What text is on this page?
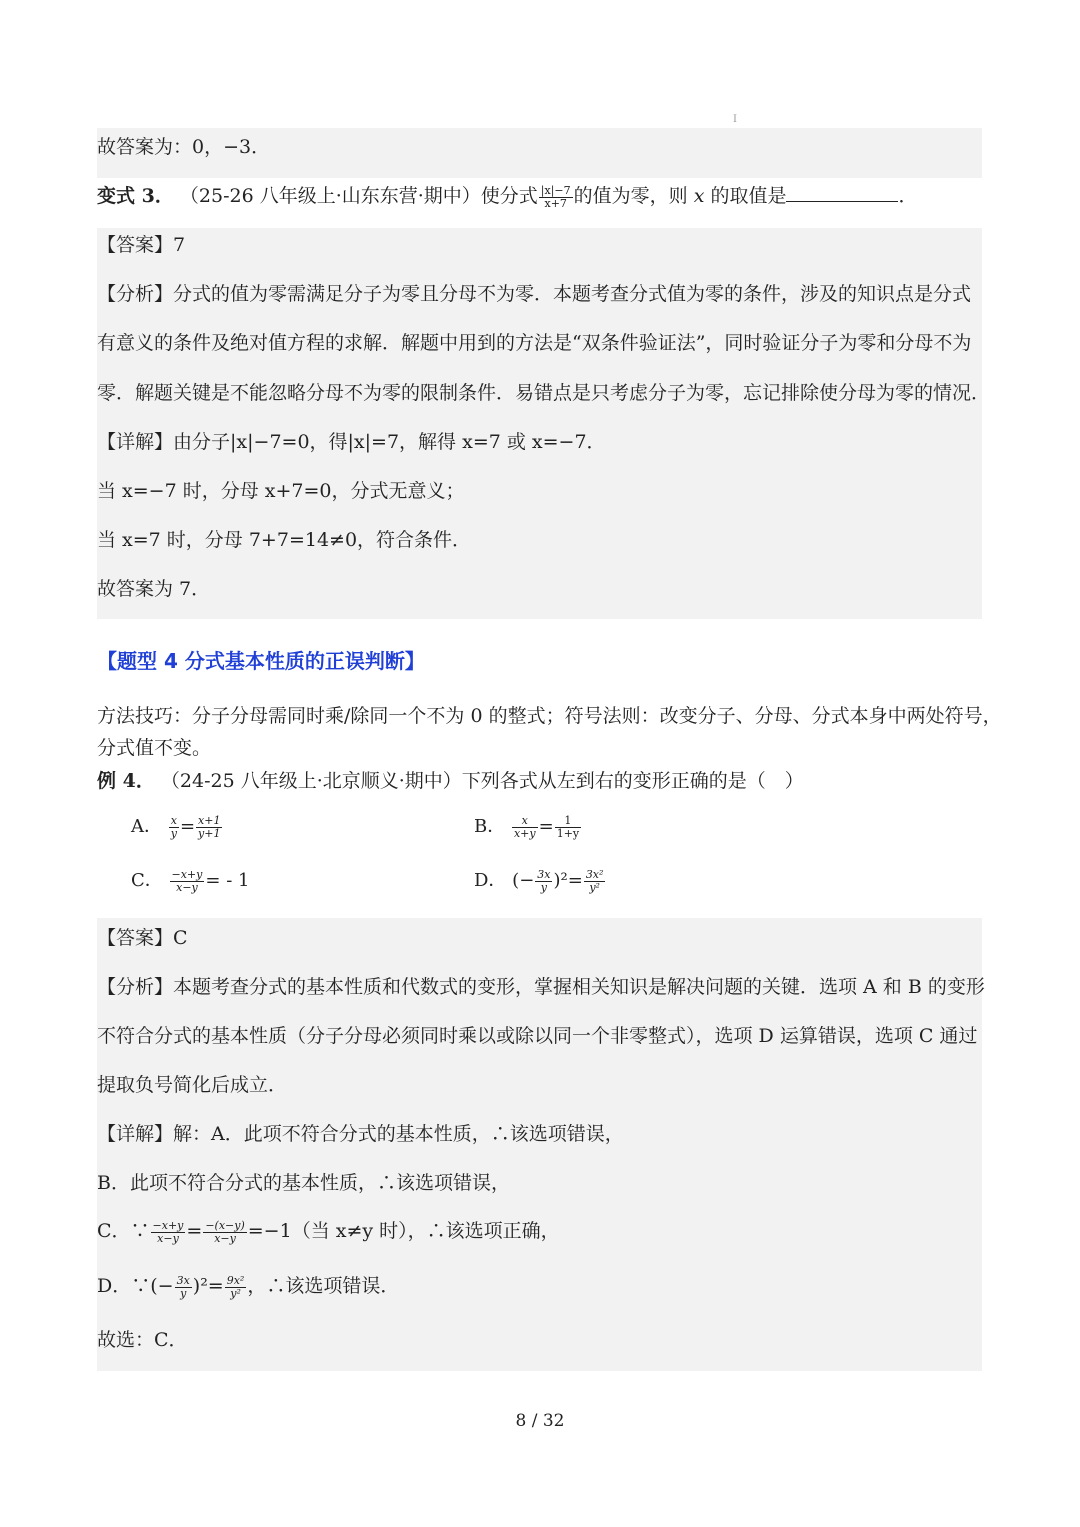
I
故答案为：0，−3．
变式 3． （25-26 八年级上·山东东营·期中）使分式 $\frac{|x|-7}{x+7}$ 的值为零，则 x 的取值是	．
【答案】7
【分析】分式的值为零需满足分子为零且分母不为零．本题考查分式值为零的条件，涉及的知识点是分式
有意义的条件及绝对值方程的求解．解题中用到的方法是“双条件验证法”，同时验证分子为零和分母不为
零．解题关键是不能忽略分母不为零的限制条件．易错点是只考虑分子为零，忘记排除使分母为零的情况．
【详解】由分子|x|−7=0，得|x|=7，解得 x=7 或 x=−7．
当 x=−7 时，分母 x+7=0，分式无意义；
当 x=7 时，分母 7+7=14≠0，符合条件．
故答案为 7．
【题型 4 分式基本性质的正误判断】
方法技巧：分子分母需同时乘/除同一个不为 0 的整式；符号法则：改变分子、分母、分式本身中两处符号，
分式值不变。
例 4． （24-25 八年级上·北京顺义·期中）下列各式从左到右的变形正确的是（　）
A． $\frac{x}{y} = \frac{x+1}{y+1}$	B． $\frac{x}{x+y} = \frac{1}{1+y}$
C． $\frac{-x+y}{x-y}$ = - 1	D． (− $\frac{3x}{y} )^2= \frac{\text{3x²}}{\text{y²}}$
【答案】C
【分析】本题考查分式的基本性质和代数式的变形，掌握相关知识是解决问题的关键．选项 A 和 B 的变形
不符合分式的基本性质（分子分母必须同时乘以或除以同一个非零整式），选项 D 运算错误，选项 C 通过
提取负号简化后成立．
【详解】解：A．此项不符合分式的基本性质，∴该选项错误，
B．此项不符合分式的基本性质，∴该选项错误，
C．∵ $\frac{-x+y}{x-y} = \frac{-(x-y)}{x-y} =-1$（当 x≠y 时），∴该选项正确，
D．∵(− $\frac{3x}{y} )^2= \frac{\text{9x²}}{\text{y²}}$ ，∴该选项错误．
故选：C．
8 / 32
